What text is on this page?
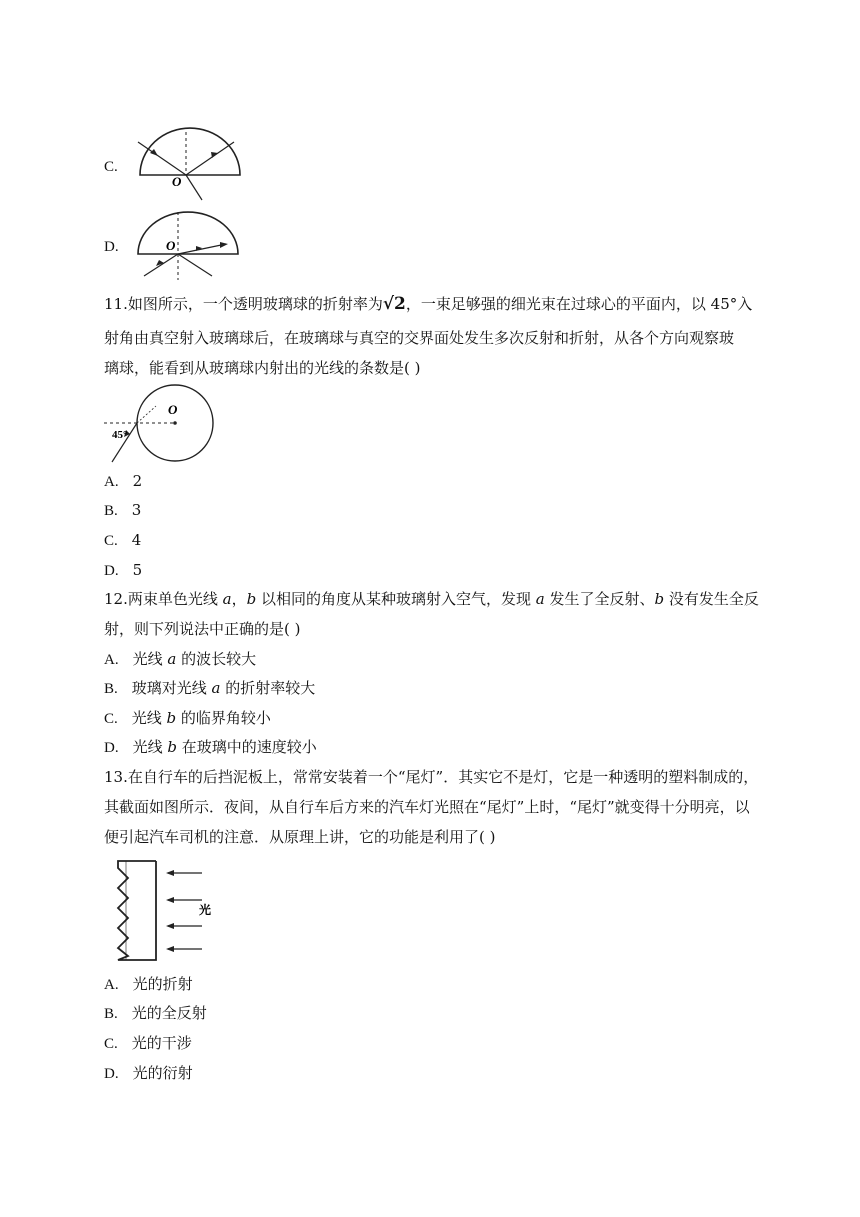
C.
O
D.	O
11.如图所示，一个透明玻璃球的折射率为√2，一束足够强的细光束在过球心的平面内，以 45°入
射角由真空射入玻璃球后，在玻璃球与真空的交界面处发生多次反射和折射，从各个方向观察玻
璃球，能看到从玻璃球内射出的光线的条数是( )
O
45°
A. 2
B. 3
C. 4
D. 5
12.两束单色光线 a，b 以相同的角度从某种玻璃射入空气，发现 a 发生了全反射、b 没有发生全反
射，则下列说法中正确的是( )
A. 光线 a 的波长较大
B. 玻璃对光线 a 的折射率较大
C. 光线 b 的临界角较小
D. 光线 b 在玻璃中的速度较小
13.在自行车的后挡泥板上，常常安装着一个“尾灯”．其实它不是灯，它是一种透明的塑料制成的，
其截面如图所示．夜间，从自行车后方来的汽车灯光照在“尾灯”上时，“尾灯”就变得十分明亮，以
便引起汽车司机的注意．从原理上讲，它的功能是利用了( )
光
A. 光的折射
B. 光的全反射
C. 光的干涉
D. 光的衍射
